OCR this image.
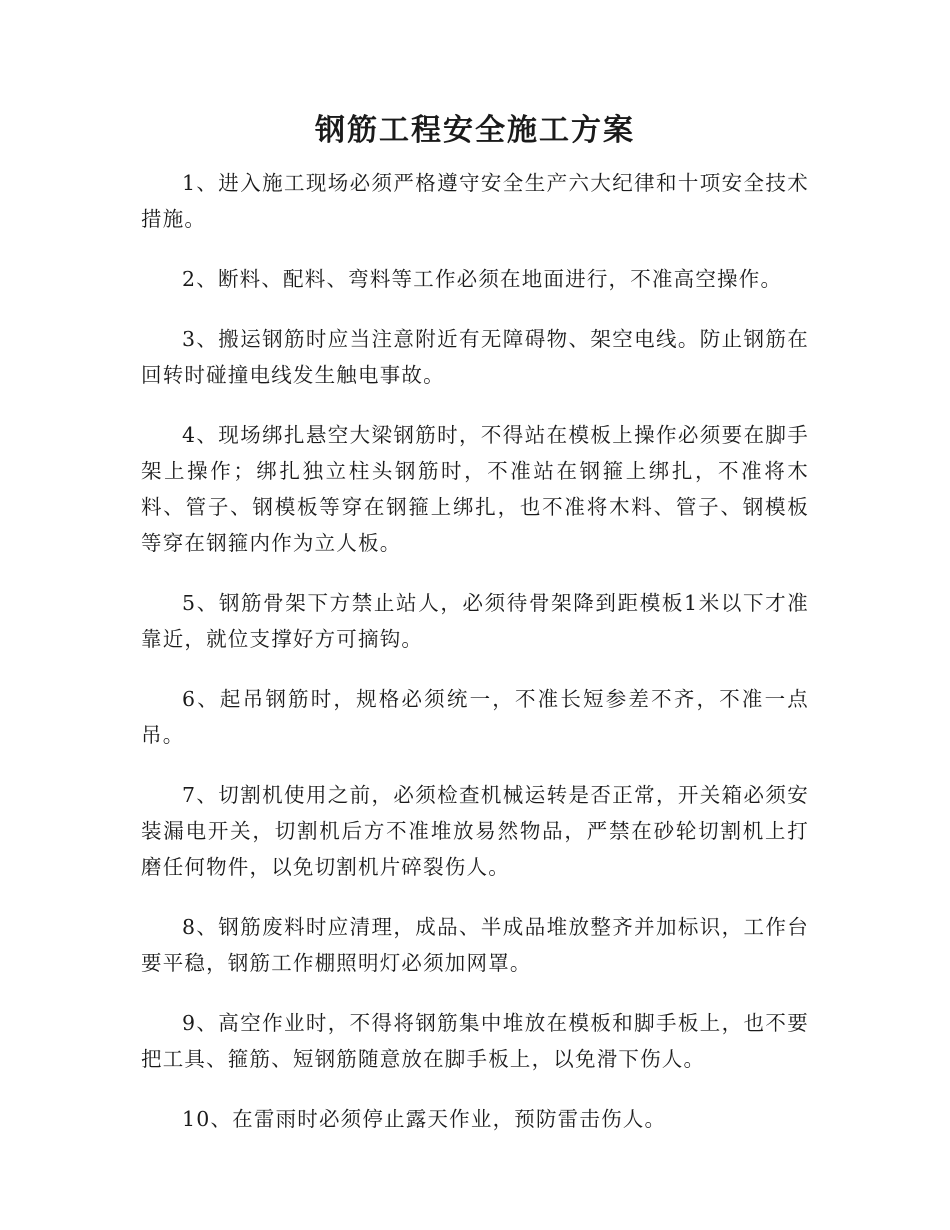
钢筋工程安全施工方案

1、进入施工现场必须严格遵守安全生产六大纪律和十项安全技术措施。

2、断料、配料、弯料等工作必须在地面进行，不准高空操作。

3、搬运钢筋时应当注意附近有无障碍物、架空电线。防止钢筋在回转时碰撞电线发生触电事故。

4、现场绑扎悬空大梁钢筋时，不得站在模板上操作必须要在脚手架上操作；绑扎独立柱头钢筋时，不准站在钢箍上绑扎，不准将木料、管子、钢模板等穿在钢箍上绑扎，也不准将木料、管子、钢模板等穿在钢箍内作为立人板。

5、钢筋骨架下方禁止站人，必须待骨架降到距模板1米以下才准靠近，就位支撑好方可摘钩。

6、起吊钢筋时，规格必须统一，不准长短参差不齐，不准一点吊。

7、切割机使用之前，必须检查机械运转是否正常，开关箱必须安装漏电开关，切割机后方不准堆放易然物品，严禁在砂轮切割机上打磨任何物件，以免切割机片碎裂伤人。

8、钢筋废料时应清理，成品、半成品堆放整齐并加标识，工作台要平稳，钢筋工作棚照明灯必须加网罩。

9、高空作业时，不得将钢筋集中堆放在模板和脚手板上，也不要把工具、箍筋、短钢筋随意放在脚手板上，以免滑下伤人。

10、在雷雨时必须停止露天作业，预防雷击伤人。
